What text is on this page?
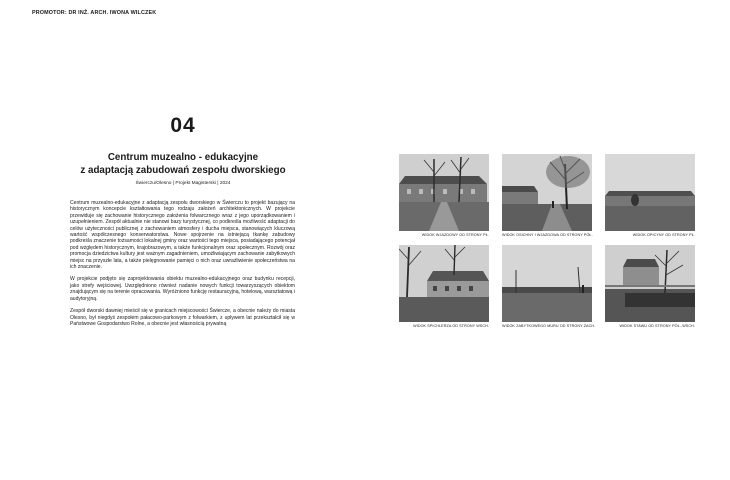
PROMOTOR: DR INŻ. ARCH. IWONA WILCZEK
04
Centrum muzealno - edukacyjne
z adaptacją zabudowań zespołu dworskiego
Świerczu/Olesno | Projekt Magisterski | 2024

Centrum muzealno-edukacyjne z adaptacją zespołu dworskiego w Świerczu to projekt bazujący na historycznym koncepcie kształtowania tego rodzaju założeń architektonicznych. W projekcie przewiduje się zachowanie historycznego założenia folwarcznego wraz z jego uporządkowaniem i uzupełnieniem. Zespół aktualnie nie stanowi bazy turystycznej, co podkreśla możliwość adaptacji do celów użyteczności publicznej z zachowaniem atmosfery i ducha miejsca, stanowiących kluczową wartość współczesnego konserwatorstwa. Nowe spojrzenie na istniejącą tkankę zabudowy podkreśla znaczenie tożsamości lokalnej gminy oraz wartości tego miejsca, posiadającego potencjał pod względem historycznym, krajobrazowym, a także funkcjonalnym oraz społecznym. Rozwój oraz promocja dziedzictwa kultury jest ważnym zagadnieniem, umożliwiającym zachowanie zabytkowych miejsc na przyszłe lata, a także pielęgnowanie pamięci o nich oraz uwrażliwienie społeczeństwa na ich znaczenie.

W projekcie podjęto się zaprojektowania obiektu muzealno-edukacyjnego oraz budynku recepcji, jako strefy wejściowej. Uwzględniono również nadanie nowych funkcji towarzyszących obiektom znajdującym się na terenie opracowania. Wyróżniono funkcję restauracyjną, hotelową, warsztatową i audytoryjną.

Zespół dworski dawniej mieścił się w granicach miejscowości Świercze, a obecnie należy do miasta Olesno, był niegdyś zespołem pałacowo-parkowym z folwarkiem, z upływem lat przekształcił się w Państwowe Gospodarstwo Rolne, a obecnie jest własnością prywatną

WIDOK WJAZDOWY OD STRONY PŁ.	WIDOK OSICHNY I WJAZDOWA OD STRONY PÓŁ.	WIDOK OPICYNY OD STRONY PŁ.
WIDOK SPICHLERZA OD STRONY WSCH.	WIDOK ZABYTKOWEGO MURU OD STRONY ZACH.	WIDOK STAWU OD STRONY PÓŁ.-WSCH.
